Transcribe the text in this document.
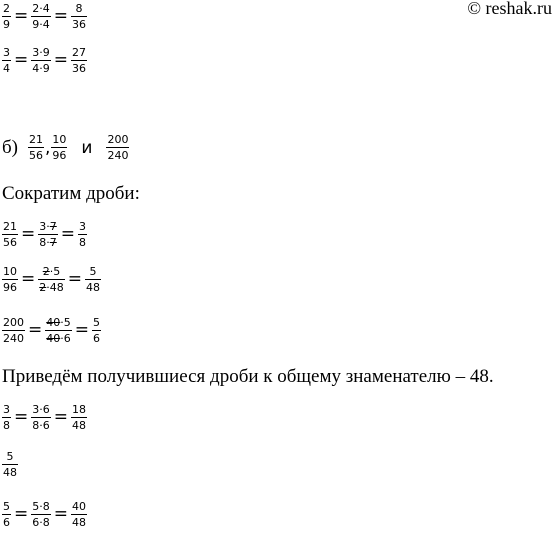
© reshak.ru
$\frac{2}{9} = \frac{2\cdot 4}{9\cdot 4} = \frac{8}{36}$
$\frac{3}{4} = \frac{3\cdot 9}{4\cdot 9} = \frac{27}{36}$
$б) \frac{21}{56}$ , $\frac{10}{96}$ и $\frac{200}{240}$
Сократим дроби:
$\frac{21}{56} = \frac{3\cdot 7}{8\cdot 7} = \frac{3}{8}$
$\frac{10}{96} = \frac{2\cdot 5}{2\cdot 48} = \frac{5}{48}$
$\frac{200}{240} = \frac{40\cdot 5}{40\cdot 6} = \frac{5}{6}$
Приведём получившиеся дроби к общему знаменателю – 48.
$\frac{3}{8} = \frac{3\cdot 6}{8\cdot 6} = \frac{18}{48}$
$\frac{5}{48}$
$\frac{5}{6} = \frac{5\cdot 8}{6\cdot 8} = \frac{40}{48}$
